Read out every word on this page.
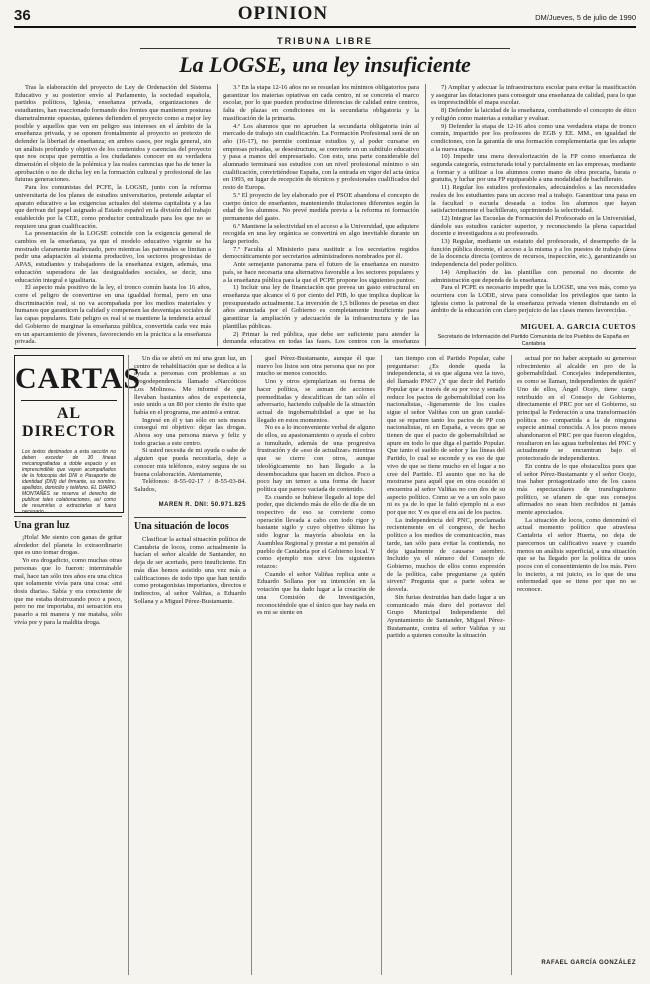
36	OPINION	DM/Jueves, 5 de julio de 1990
TRIBUNA LIBRE
La LOGSE, una ley insuficiente

Tras la elaboración del proyecto de Ley de Ordenación del Sistema Educativo y su posterior envío al Parlamento, la sociedad española, partidos políticos, Iglesia, enseñanza privada, organizaciones de estudiantes, han reaccionado formando dos frentes que mantienen posturas diametralmente opuestas, quienes defienden el proyecto como a mejor ley posible y aquellos que ven en peligro sus intereses en el ámbito de la enseñanza privada, y se oponen frontalmente al proyecto so pretexto de defender la libertad de enseñanza; en ambos casos, por regla general, sin un análisis profundo y objetivo de los contenidos y carencias del proyecto que nos ocupa que permitía a los ciudadanos conocer en su verdadera dimensión el objeto de la polémica y las reales carencias que ha de tener la aprobación o no de dicha ley en la formación cultural y profesional de las futuras generaciones.

Para los comunistas del PCFE, la LOGSE, junto con la reforma universitaria de los planes de estudios universitarios, pretende adaptar el aparato educativo a las exigencias actuales del sistema capitalista y a las que derivan del papel asignado al Estado español en la división del trabajo establecido por la CEE, como productor centralizado para los que no se requiere una gran cualificación.

La presentación de la LOGSE coincide con la exigencia general de cambios en la enseñanza, ya que el modelo educativo vigente se ha mostrado claramente inadecuado, pero mientras las patronales se limitan a pedir una adaptación al sistema productivo, los sectores progresistas de APAS, estudiantes y trabajadores de la enseñanza exigen, además, una educación superadora de las desigualdades sociales, se decir, una educación integral e igualitaria.

El aspecto más positivo de la ley, el tronco común hasta los 16 años, corre el peligro de convertirse en una igualdad formal, pero en una discriminación real, si no va acompañada por los medios materiales y humanos que garanticen la calidad y compensen las desventajas sociales de las capas populares. Este peligro es real si se mantiene la tendencia actual del Gobierno de marginar la enseñanza pública, convertida cada vez más en un aparcamiento de jóvenes, favoreciendo en la práctica a la enseñanza privada.

3.º En la etapa 12-16 años no se resuelan los mínimos obligatorios para garantizar los materias optativas en cada centro, ni se concreta el marco escolar, por lo que pueden producirse diferencias de calidad entre centros, falta de plazas en condiciones en la secundaria obligatoria y la masificación de la primaria.

4.º Los alumnos que no aprueben la secundaria obligatoria irán al mercado de trabajo sin cualificación. La Formación Profesional será de un año (16-17), no permite continuar estudios y, al poder cursarse en empresas privadas, se desestructura, se convierte en un subtítulo educativo y pasa a manos del empresariado. Con esto, una parte considerable del alumnado terminará sus estudios con un nivel profesional mínimo o sin cualificación, convirtiéndose España, con la entrada en vigor del acta única en 1993, en lugar de recepción de técnicos y profesionales cualificados del resto de Europa.

5.º El proyecto de ley elaborado por el PSOE abandona el concepto de cuerpo único de enseñantes, manteniendo titulaciones diferentes según la edad de los alumnos. No prevé medida previa a la reforma ni formación permanente del gasto.

6.º Mantiene la selectividad en el acceso a la Universidad, que adquiere recogida en una ley orgánica se convertirá en algo inevitable durante un largo periodo.

7.º Faculta al Ministerio para sustituir a los secretarios regidos democráticamente por secretarios administradores nombrados por él.

Ante semejante panorama para el futuro de la enseñanza en nuestro país, se hace necesaria una alternativa favorable a los sectores populares y a la enseñanza pública para la que el PCPE propone los siguientes puntos:

1) Incluir una ley de financiación que prevea un gasto estructural en enseñanza que alcance el 6 por ciento del PIB, lo que implica duplicar la presupuestado actualmente. La inversión de 1,5 billones de pesetas en diez años anunciada por el Gobierno es completamente insuficiente para garantizar la ampliación y adecuación de la infraestructura y de las plantillas públicas.

2) Primar la red pública, que debe ser suficiente para atender la demanda educativa en todas las fases. Los centros con la enseñanza

7) Ampliar y adecuar la infraestructura escolar para evitar la masificación y asegurar las dotaciones para conseguir una enseñanza de calidad, para lo que es imprescindible el mapa escolar.

8) Defender la laicidad de la enseñanza, combatiendo el concepto de ético y religión como materias a estudiar y evaluar.

9) Defender la etapa de 12-16 años como una verdadera etapa de tronco común, impartido por los profesores de EGB y EE. MM., en igualdad de condiciones, con la garantía de una formación complementaria que les adapte a la nueva etapa.

10) Impedir una mera desvalorización de la FP como enseñanza de segunda categoría, estructurada total y parcialmente en las empresas, mediante a formar y a utilizar a los alumnos como mano de obra precaria, barata o gratuita, y luchar por una FP equiparable a una modalidad de bachillerato.

11) Regular los estudios profesionales, adecuándolos a las necesidades reales de los estudiantes para un acceso real a trabajo. Garantizar una pasa en la facultad o escuela deseada a todos los alumnos que hayan satisfactoriamente el bachillerato, suprimiendo la selectividad.

12) Integrar las Escuelas de Formación del Profesorado en la Universidad, dándole sus estudios carácter superior, y reconociendo la plena capacidad docente e investigadora a su profesorado.

13) Regular, mediante un estatuto del profesorado, el desempeño de la función pública docente, el acceso a la misma y a los puestos de trabajo (área de la docencia directa (centros de recursos, inspección, etc.), garantizando su independencia del poder político.

14) Ampliación de las plantillas con personal no docente de administración que dependa de la enseñanza.

Para el PCPE es necesario impedir que la LOGSE, una ves más, como ya ocurriera con la LODE, sirva para consolidar los privilegios que tanto la iglesia como la patronal de la enseñanza privada vienen disfrutando en el ámbito de la educación con claro perjuicio de las clases menos favorecidas.

MIGUEL A. GARCIA CUETOS
Secretario de Información del Partido Comunista de los Pueblos de España en Cantabria
CARTAS
AL DIRECTOR
Los textos destinados a esta sección no deben exceder de 30 líneas mecanografiadas a doble espacio y es imprescindible que vayan acompañados de la fotocopia del DNI o Pasaporte de identidad (DNI) del firmante, su nombre, apellidos, domicilio y teléfono. EL DIARIO MONTAÑÉS se reserva el derecho de publicar tales colaboraciones, así como de resumirlas o extractarlas si fuera necesario.
Una gran luz

¡Hola! Me siento con ganas de gritar alrededor del planeta lo extraordinario que es uno tomar drogas.

Yo era drogadicto, como muchas otras personas que lo fueron: interminable mal, hace tan sólo tres años era una chica que solamente vivía para una cosa: «mi dosis diaria». Sabía y era consciente de que me estaba destrozando poco a poco, pero no me importaba, mi sensación era pasarlo a mi manera y me mataba, sólo vivía por y para la maldita droga.

Un día se abrió en mí una gran luz, un centro de rehabilitación que se dedica a la ayuda a personas con problemas a su drogodependencia llamado «Narcóticos Los Molinos». Me informé de que llevaban bastantes años de experiencia, esto unido a un 80 por ciento de éxito que había en el programa, me animó a entrar.

Ingresé en él y tan sólo en seis meses conseguí mi objetivo: dejar las drogas. Ahora soy una persona nueva y feliz y todo gracias a este centro.

Si usted necesita de mi ayuda o sabe de alguien que pueda necesitarla, deje a conocer mis teléfonos, estoy segura de su buena colaboración. Atentamente,

Teléfonos: 8-55-02-17 / 8-55-03-84. Saludos,

MAREN R. DNI: 50.971.825
Una situación de locos

Clasificar la actual situación política de Cantabria de locos, como actualmente la hacían el señor alcalde de Santander, no deja de ser acertado, pero insuficiente. En más días hemos asistido una vez más a calificaciones de todo tipo que han tenido como protagonistas importantes, directos e indirectos, al señor Valiñas, a Eduardo Sollana y a Miguel Pérez-Bustamante.

guel Pérez-Bustamante, aunque él que nuevo los listos son otra persona que no por mucho se menos conocido.

Uno y otros ejemplarizan su forma de hacer política, se asman de acciones premeditadas y descalifican de tan sólo el adversario, haciendo culpable de la situación actual de ingobernabilidad a que se ha llegado en estos momentos.

No es a lo inconveniente verbal de alguno de ellos, su apasionamiento o ayuda el cobro a tumultado, además de una progresiva frustración y de «eso de actualizar» mientras que se cierre con otros, aunque ideológicamente no han llegado a la desembocadura que hacen en dichos. Poco a poco hay un temor a una forma de hacer política que parece vaciada de contenido.

Es cuando se hubiese llegado al tope del poder, que diciendo más de ello de día de un respectivo de eso se convierte como operación llevada a cabo con todo rigor y bastante sigilo y cuyo objetivo último ha sido lograr la mayoría absoluta en la Asamblea Regional y prestar a mi pensión al pueblo de Cantabria por el Gobierno local. Y como ejemplo nos sirve los siguientes retazos:

Cuando el señor Valiñas replica ante a Eduardo Sollana por su intención en la votación que ha dado lugar a la creación de una Comisión de Investigación, reconociéndole que el único que hay nada en es mi se siente en

tan tiempo con el Partido Popular, cabe preguntarse: ¿Es donde queda la independencia, si es que alguna vez la tuvo, del llamado PNC? ¿Y que decir del Partido Popular que a través de su por voz y senado reduce los pactos de gobernabilidad con los nacionalistas, -ligeramente de los cuales sigue el señor Valiñas con un gran caudal- que se reparten tanto los pactos de PP con nacionalistas, ni en España, a veces que se tienen de que el pacto de gobernabilidad se apure en todo lo que diga el partido Popular. Que tanto el sueldo de señor y las líneas del Partido, lo cual se esconde y es eso de que vivo de que se tiene mucho en el lugar a no cree del Partido. El asunto que no ha de mostrarse para aquél que en otra ocasión si encuentra al señor Valiñas no con dos de su aspecto político. Como se ve a un solo paso ni es ya de lo que le faltó ejemplo ni a eso por que no: Y es que el era así de los pactos.

La independencia del PNC, proclamada recientemente en el congreso, de hecho político a los medios de comunicación, mas tarde, tan sólo para evitar la contienda, no deja igualmente de causarse asombro. Incluido ya el número del Consejo de Gobierno, muchos de ellos como expresión de la política, cabe preguntarse ¿a quién sirven? Pregunta que a parte sobra se desvela.

Sin furias destruidas han dado lugar a un comunicado más duro del portavoz del Grupo Municipal Independiente del Ayuntamiento de Santander, Miguel Pérez-Bustamante, contra el señor Valiñas y su partido a quienes consulte la situación

actual por no haber aceptado su generoso ofrecimiento al alcalde en pro de la gobernabilidad. Concejales independientes, es como se llaman, independientes de quién? Uno de ellos, Ángel Ocejo, tiene cargo retribuido en el Consejo de Gobierno, directamente el PRC por ser el Gobierno, su principal la Federación a una transformación política no compartida a la de ninguna especie animal conocida. A los pocos meses abandonaron el PRC por que fueron elegidos, resultaron en las aguas turbulentas del PNC y actualmente se encuentran bajo el protectorado de independientes.

En contra de lo que obstaculiza pues que el señor Pérez-Bustamante y el señor Ocejo, tras haber protagonizado uno de los casos más espectaculares de transfuguismo político, se ufanen de que sus consejos afirmados no sean bien recibidos ni jamás mente apreciados.

La situación de locos, como denominó el actual momento político que atraviesa Cantabria el señor Huerta, no deja de parecernos un calificativo suave y cuando menos un análisis superficial, a una situación que se ha llegado por la política de unos pocos con el consentimiento de los más. Pero lo incierto, a mi juicio, es lo que de una enfermedad que se tiene por que no se reconoce.

RAFAEL GARCÍA GONZÁLEZ
